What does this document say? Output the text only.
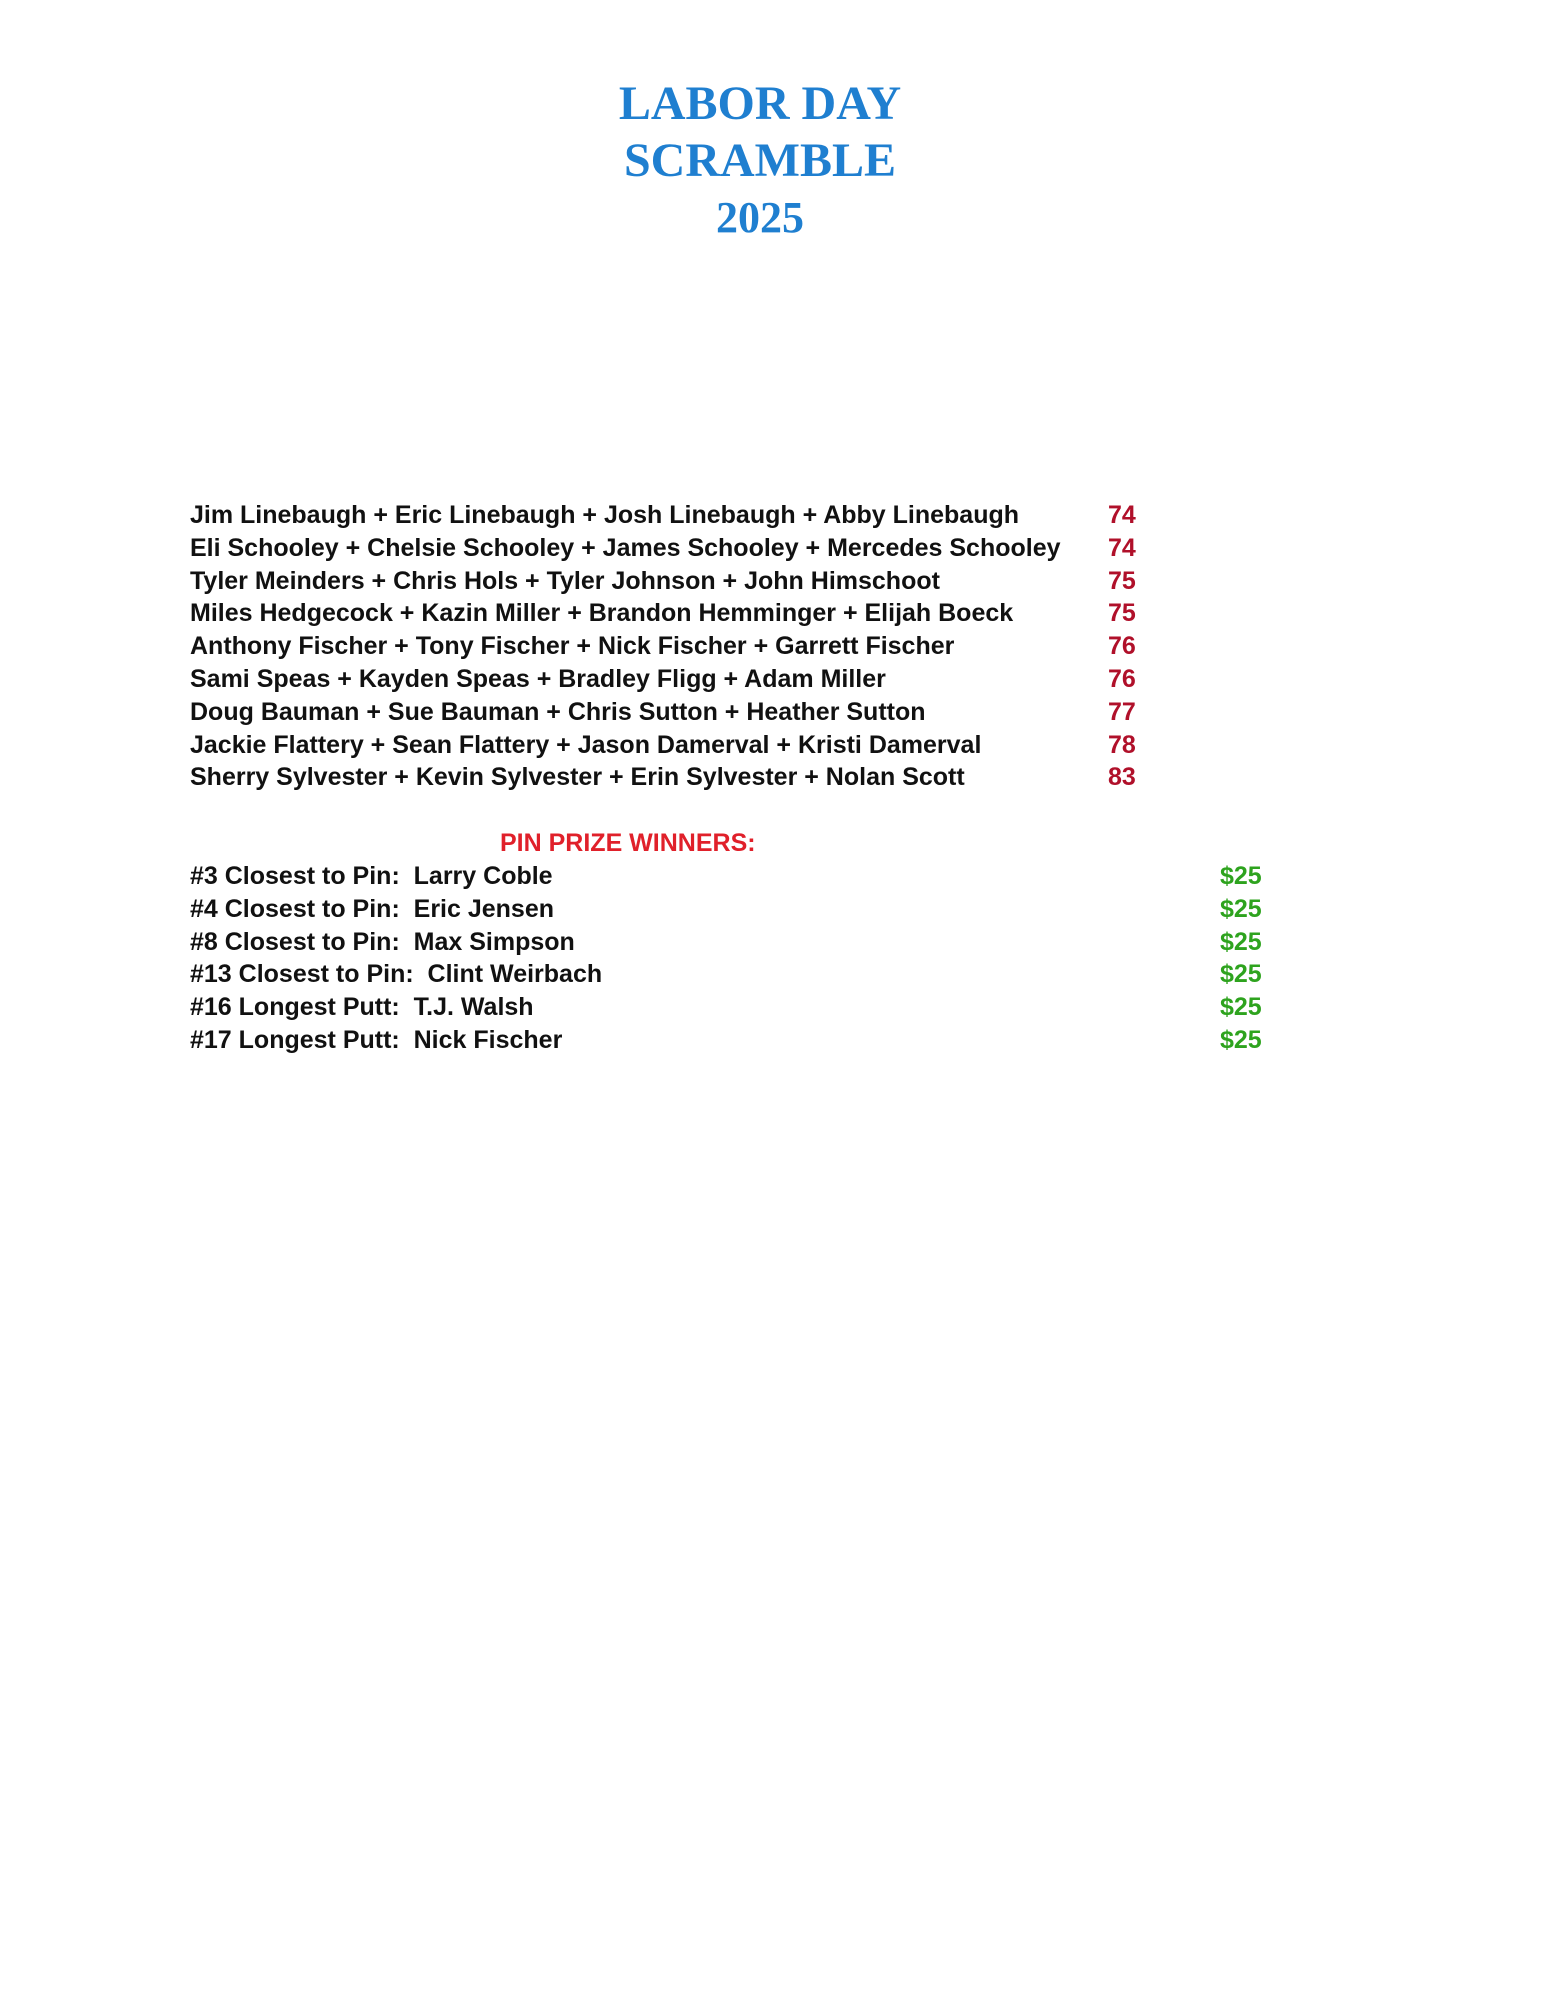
LABOR DAY
SCRAMBLE
2025
Jim Linebaugh + Eric Linebaugh + Josh Linebaugh + Abby Linebaugh	74
Eli Schooley + Chelsie Schooley + James Schooley + Mercedes Schooley	74
Tyler Meinders + Chris Hols + Tyler Johnson + John Himschoot	75
Miles Hedgecock + Kazin Miller + Brandon Hemminger + Elijah Boeck	75
Anthony Fischer + Tony Fischer + Nick Fischer + Garrett Fischer	76
Sami Speas + Kayden Speas + Bradley Fligg + Adam Miller	76
Doug Bauman + Sue Bauman + Chris Sutton + Heather Sutton	77
Jackie Flattery + Sean Flattery + Jason Damerval + Kristi Damerval	78
Sherry Sylvester + Kevin Sylvester + Erin Sylvester + Nolan Scott	83
PIN PRIZE WINNERS:
#3 Closest to Pin:  Larry Coble	$25
#4 Closest to Pin:  Eric Jensen	$25
#8 Closest to Pin:  Max Simpson	$25
#13 Closest to Pin:  Clint Weirbach	$25
#16 Longest Putt:  T.J. Walsh	$25
#17 Longest Putt:  Nick Fischer	$25
